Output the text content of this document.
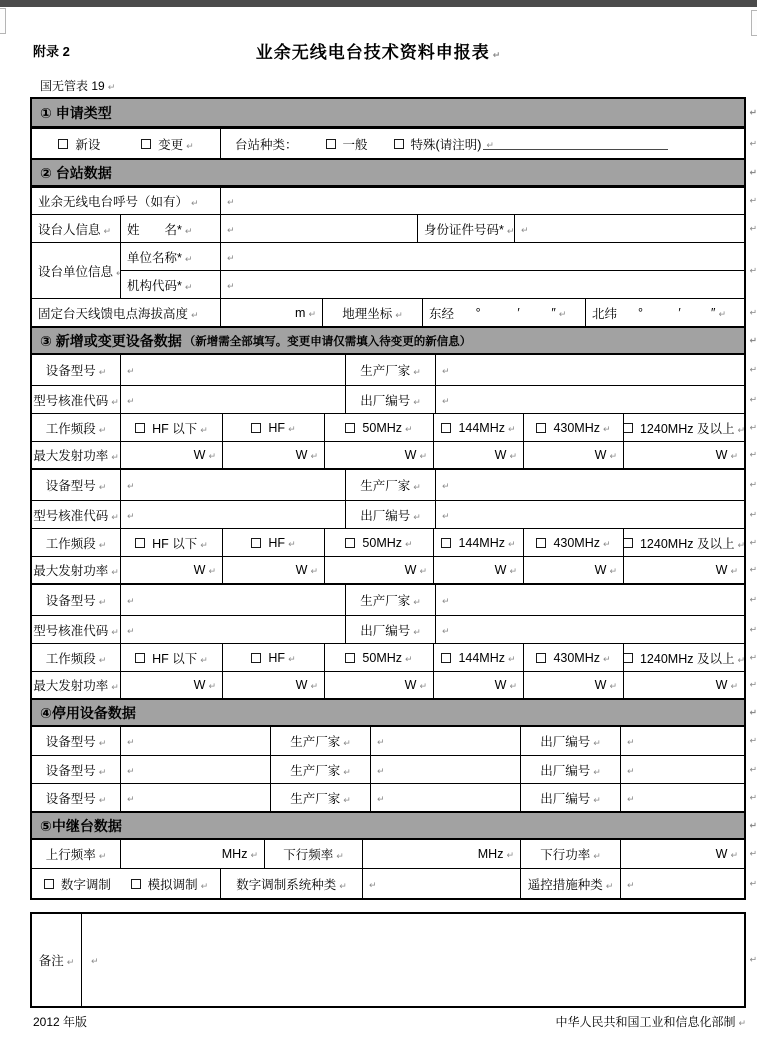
附录 2	业余无线电台技术资料申报表 ↵
国无管表 19 ↵
① 申请类型
↵
新设	变更 ↵	台站种类：	一般	特殊(请注明)
↵
↵
② 台站数据
↵
业余无线电台呼号（如有） ↵
↵
↵
设台人信息 ↵	姓　　名* ↵ ↵	身份证件号码* ↵
↵
↵
设台单位信息 ↵
单位名称* ↵
↵
机构代码* ↵
↵
↵
固定台天线馈电点海拔高度 ↵	m ↵	地理坐标 ↵	东经	°	′	″ ↵	北纬	°	′	″ ↵
↵
③ 新增或变更设备数据 （新增需全部填写。变更申请仅需填入待变更的新信息）
↵
设备型号 ↵ ↵	生产厂家 ↵
↵
↵
型号核准代码 ↵ ↵	出厂编号 ↵
↵
↵
工作频段 ↵	HF 以下 ↵	HF ↵	50MHz ↵	144MHz ↵	430MHz ↵	1240MHz 及以上 ↵
↵
最大发射功率 ↵	W ↵	W ↵	W ↵	W ↵	W ↵	W ↵
↵
设备型号 ↵ ↵	生产厂家 ↵
↵
↵
型号核准代码 ↵ ↵	出厂编号 ↵
↵
↵
工作频段 ↵	HF 以下 ↵	HF ↵	50MHz ↵	144MHz ↵	430MHz ↵	1240MHz 及以上 ↵
↵
最大发射功率 ↵	W ↵	W ↵	W ↵	W ↵	W ↵	W ↵
↵
设备型号 ↵ ↵	生产厂家 ↵
↵
↵
型号核准代码 ↵ ↵	出厂编号 ↵
↵
↵
工作频段 ↵	HF 以下 ↵	HF ↵	50MHz ↵	144MHz ↵	430MHz ↵	1240MHz 及以上 ↵
↵
最大发射功率 ↵	W ↵	W ↵	W ↵	W ↵	W ↵	W ↵
↵
④停用设备数据
↵
设备型号 ↵ ↵	生产厂家 ↵ ↵	出厂编号 ↵
↵
↵
设备型号 ↵ ↵	生产厂家 ↵ ↵	出厂编号 ↵
↵
↵
设备型号 ↵ ↵	生产厂家 ↵ ↵	出厂编号 ↵
↵
↵
⑤中继台数据
↵
上行频率 ↵	MHz ↵	下行频率 ↵	MHz ↵	下行功率 ↵	W ↵
↵
数字调制	模拟调制 ↵	数字调制系统种类 ↵ ↵	遥控措施种类 ↵
↵
↵
备注 ↵
↵
↵
2012 年版	中华人民共和国工业和信息化部制 ↵
